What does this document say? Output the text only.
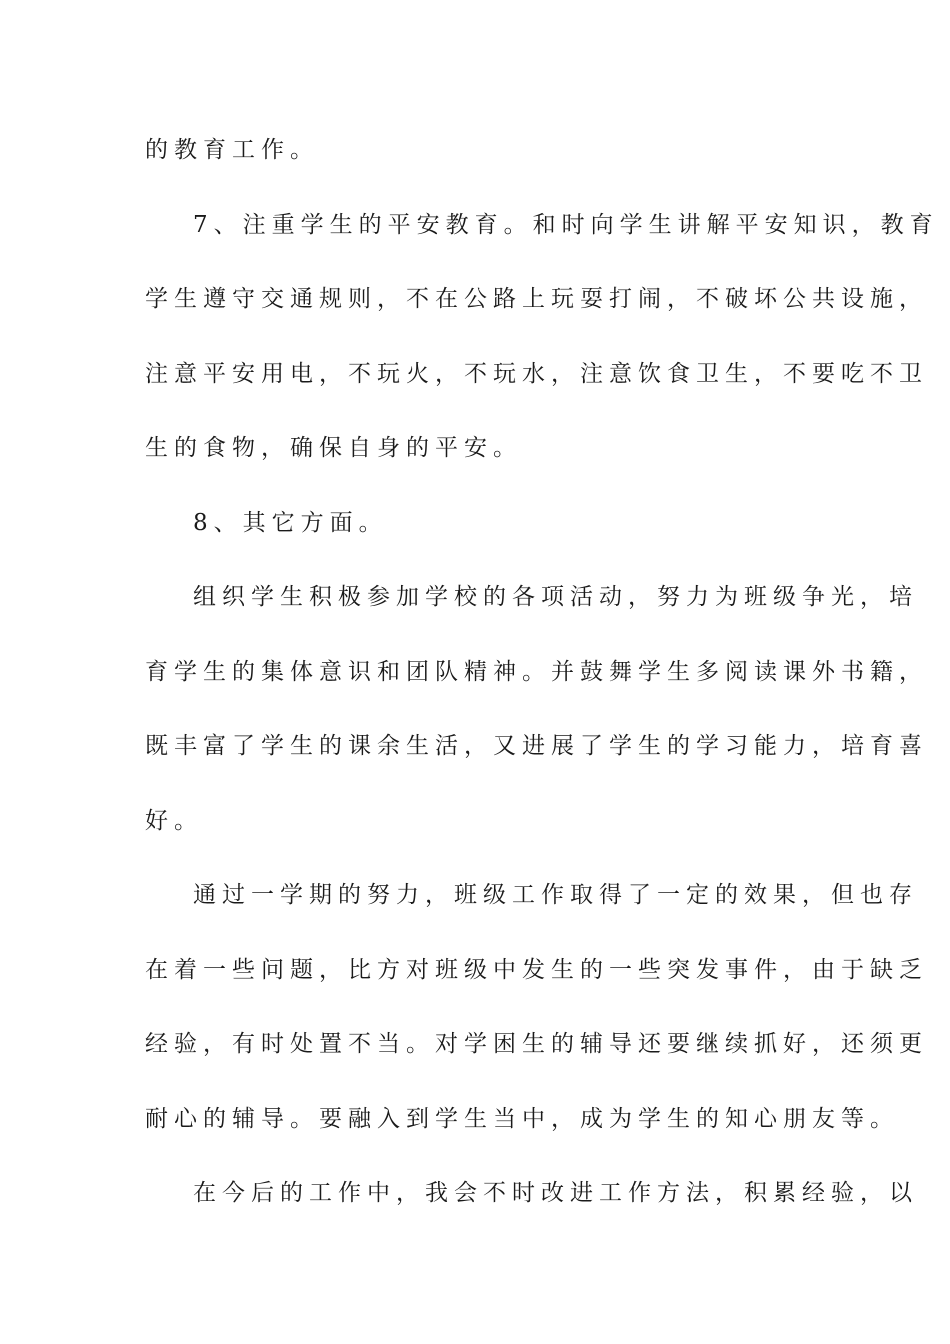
的教育工作。
7、注重学生的平安教育。和时向学生讲解平安知识，教育
学生遵守交通规则，不在公路上玩耍打闹，不破坏公共设施，
注意平安用电，不玩火，不玩水，注意饮食卫生，不要吃不卫
生的食物，确保自身的平安。
8、其它方面。
组织学生积极参加学校的各项活动，努力为班级争光，培
育学生的集体意识和团队精神。并鼓舞学生多阅读课外书籍，
既丰富了学生的课余生活，又进展了学生的学习能力，培育喜
好。
通过一学期的努力，班级工作取得了一定的效果，但也存
在着一些问题，比方对班级中发生的一些突发事件，由于缺乏
经验，有时处置不当。对学困生的辅导还要继续抓好，还须更
耐心的辅导。要融入到学生当中，成为学生的知心朋友等。
在今后的工作中，我会不时改进工作方法，积累经验，以
